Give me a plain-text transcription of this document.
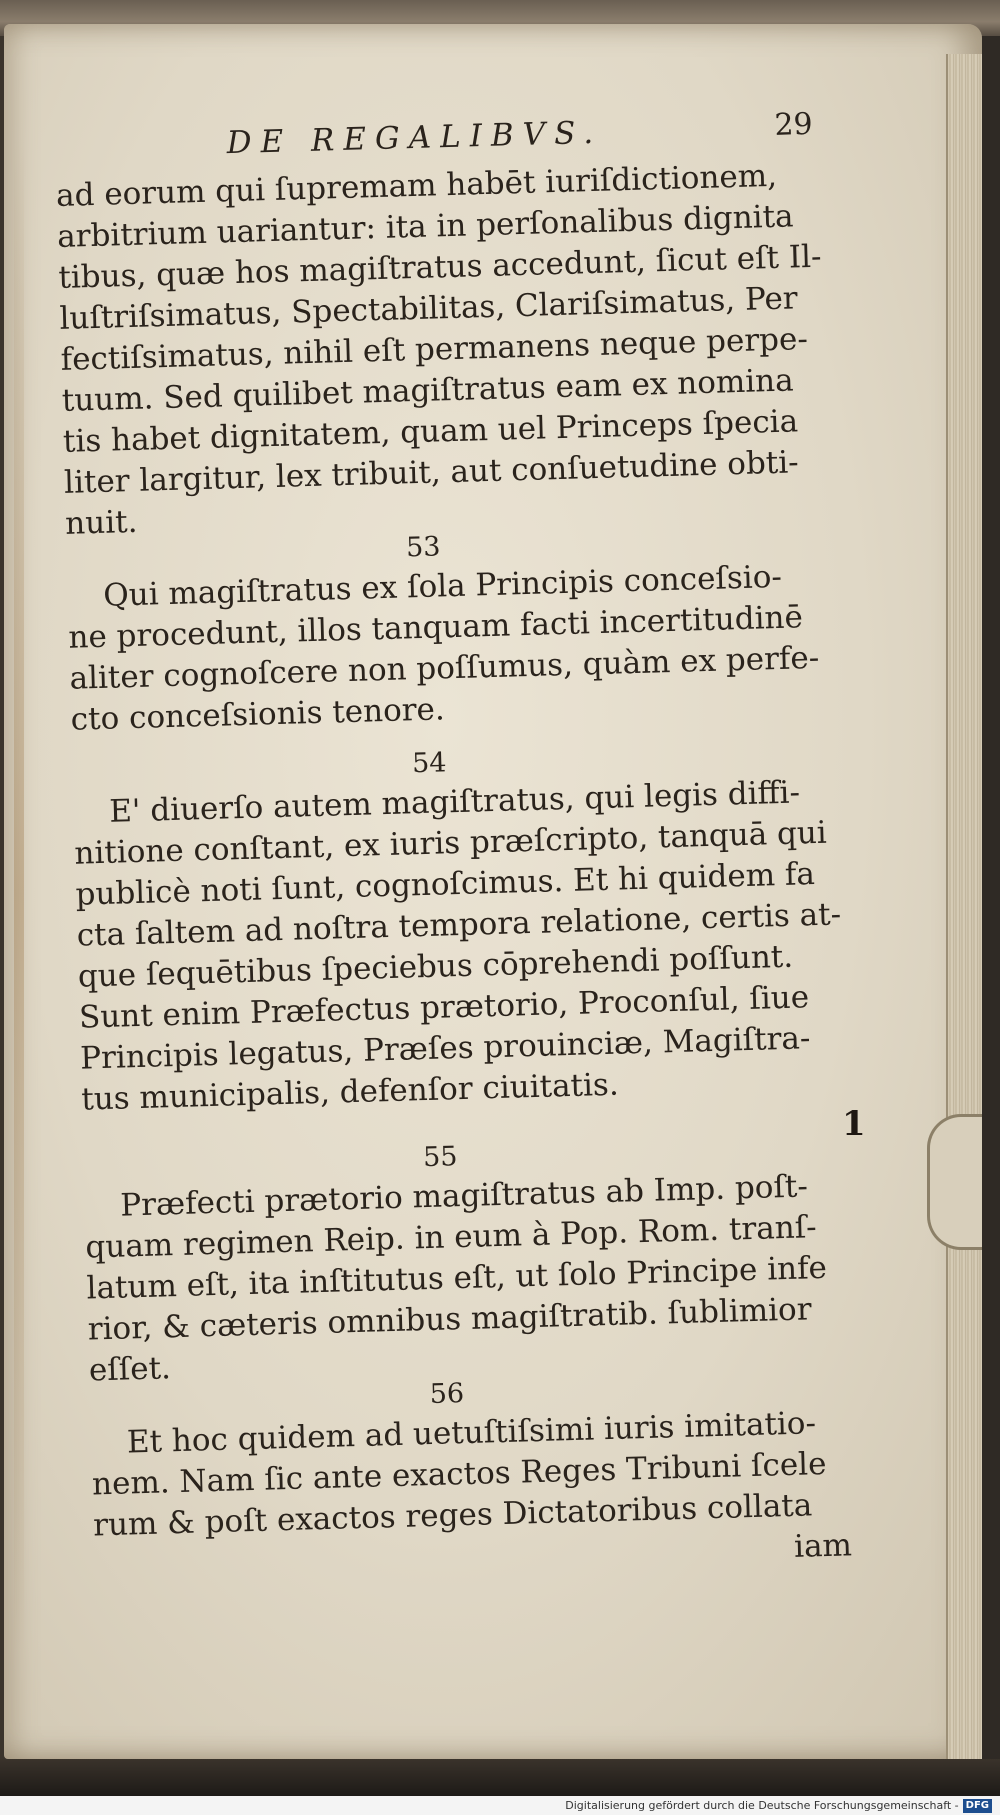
1
DE REGALIBVS.	29
ad eorum qui ſupremam habēt iuriſdictionem,
arbitrium uariantur: ita in perſonalibus dignita
tibus, quæ hos magiſtratus accedunt, ſicut eſt Il-
luſtriſsimatus, Spectabilitas, Clariſsimatus, Per
fectiſsimatus, nihil eſt permanens neque perpe-
tuum. Sed quilibet magiſtratus eam ex nomina
tis habet dignitatem, quam uel Princeps ſpecia
liter largitur, lex tribuit, aut conſuetudine obti-
nuit.
53
Qui magiſtratus ex ſola Principis conceſsio-
ne procedunt, illos tanquam facti incertitudinē
aliter cognoſcere non poſſumus, quàm ex perfe-
cto conceſsionis tenore.
54
E' diuerſo autem magiſtratus, qui legis diffi-
nitione conſtant, ex iuris præſcripto, tanquā qui
publicè noti ſunt, cognoſcimus. Et hi quidem fa
cta ſaltem ad noſtra tempora relatione, certis at-
que ſequētibus ſpeciebus cōprehendi poſſunt.
Sunt enim Præfectus prætorio, Proconſul, ſiue
Principis legatus, Præſes prouinciæ, Magiſtra-
tus municipalis, defenſor ciuitatis.
55
Præfecti prætorio magiſtratus ab Imp. poſt-
quam regimen Reip. in eum à Pop. Rom. tranſ-
latum eſt, ita inſtitutus eſt, ut ſolo Principe infe
rior, & cæteris omnibus magiſtratib. ſublimior
eſſet.
56
Et hoc quidem ad uetuſtiſsimi iuris imitatio-
nem. Nam ſic ante exactos Reges Tribuni ſcele
rum & poſt exactos reges Dictatoribus collata
iam
Digitalisierung gefördert durch die Deutsche Forschungsgemeinschaft - DFG
